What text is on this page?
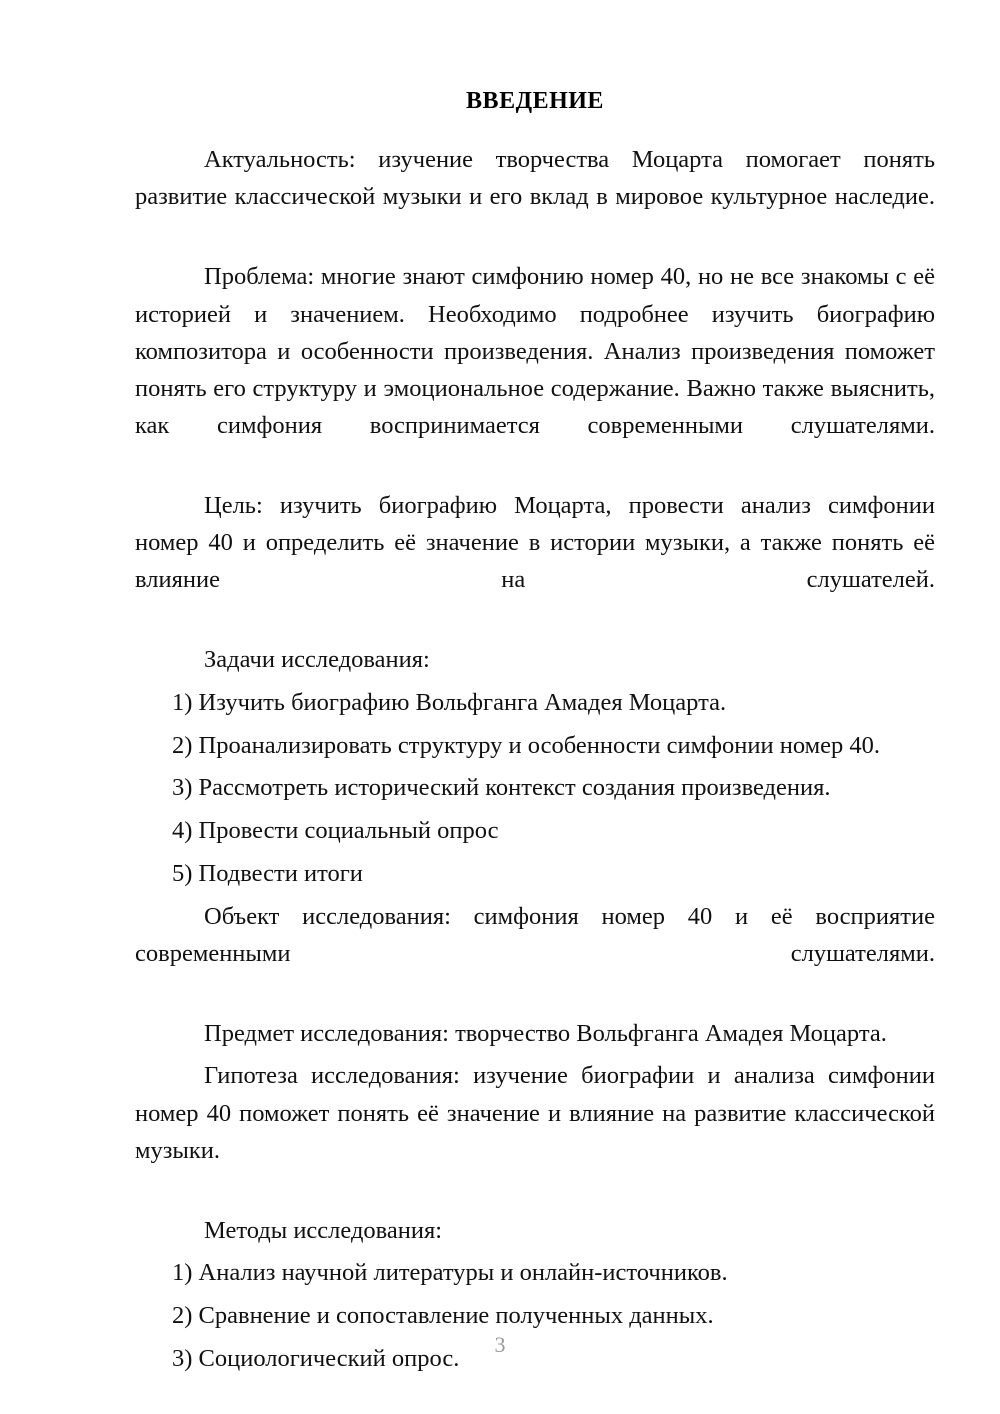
ВВЕДЕНИЕ

Актуальность: изучение творчества Моцарта помогает понять развитие классической музыки и его вклад в мировое культурное наследие.

Проблема: многие знают симфонию номер 40, но не все знакомы с её историей и значением. Необходимо подробнее изучить биографию композитора и особенности произведения. Анализ произведения поможет понять его структуру и эмоциональное содержание. Важно также выяснить, как симфония воспринимается современными слушателями.

Цель: изучить биографию Моцарта, провести анализ симфонии номер 40 и определить её значение в истории музыки, а также понять её влияние на слушателей.

Задачи исследования:

1) Изучить биографию Вольфганга Амадея Моцарта.
2) Проанализировать структуру и особенности симфонии номер 40.
3) Рассмотреть исторический контекст создания произведения.
4) Провести социальный опрос
5) Подвести итоги

Объект исследования: симфония номер 40 и её восприятие современными слушателями.

Предмет исследования: творчество Вольфганга Амадея Моцарта.

Гипотеза исследования: изучение биографии и анализа симфонии номер 40 поможет понять её значение и влияние на развитие классической музыки.

Методы исследования:

1) Анализ научной литературы и онлайн-источников.
2) Сравнение и сопоставление полученных данных.
3) Социологический опрос.
3
